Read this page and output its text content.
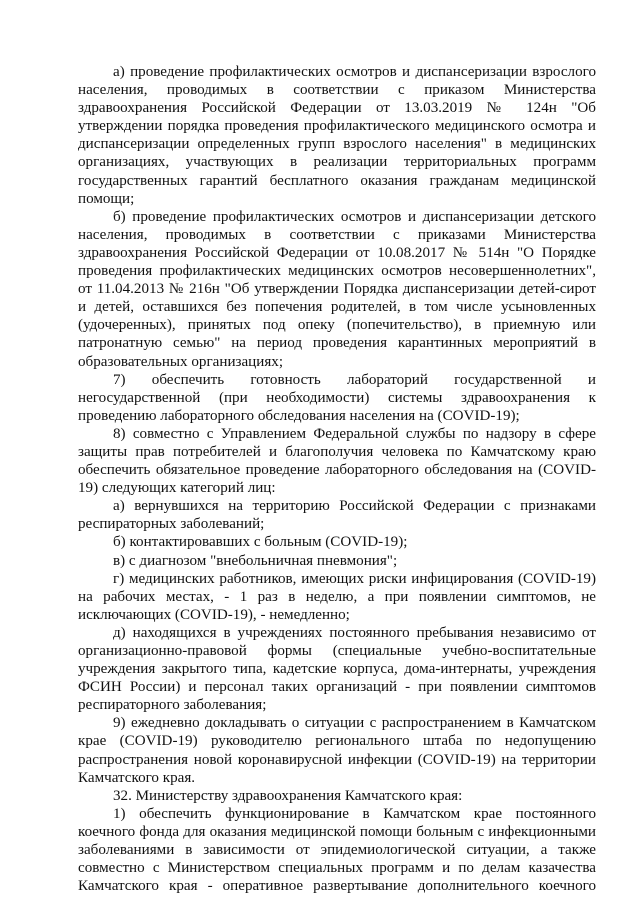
а) проведение профилактических осмотров и диспансеризации взрослого населения, проводимых в соответствии с приказом Министерства здравоохранения Российской Федерации от 13.03.2019 № 124н "Об утверждении порядка проведения профилактического медицинского осмотра и диспансеризации определенных групп взрослого населения" в медицинских организациях, участвующих в реализации территориальных программ государственных гарантий бесплатного оказания гражданам медицинской помощи;

б) проведение профилактических осмотров и диспансеризации детского населения, проводимых в соответствии с приказами Министерства здравоохранения Российской Федерации от 10.08.2017 № 514н "О Порядке проведения профилактических медицинских осмотров несовершеннолетних", от 11.04.2013 № 216н "Об утверждении Порядка диспансеризации детей-сирот и детей, оставшихся без попечения родителей, в том числе усыновленных (удочеренных), принятых под опеку (попечительство), в приемную или патронатную семью" на период проведения карантинных мероприятий в образовательных организациях;

7) обеспечить готовность лабораторий государственной и негосударственной (при необходимости) системы здравоохранения к проведению лабораторного обследования населения на (COVID-19);

8) совместно с Управлением Федеральной службы по надзору в сфере защиты прав потребителей и благополучия человека по Камчатскому краю обеспечить обязательное проведение лабораторного обследования на (COVID-19) следующих категорий лиц:

а) вернувшихся на территорию Российской Федерации с признаками респираторных заболеваний;

б) контактировавших с больным (COVID-19);

в) с диагнозом "внебольничная пневмония";

г) медицинских работников, имеющих риски инфицирования (COVID-19) на рабочих местах, - 1 раз в неделю, а при появлении симптомов, не исключающих (COVID-19), - немедленно;

д) находящихся в учреждениях постоянного пребывания независимо от организационно-правовой формы (специальные учебно-воспитательные учреждения закрытого типа, кадетские корпуса, дома-интернаты, учреждения ФСИН России) и персонал таких организаций - при появлении симптомов респираторного заболевания;

9) ежедневно докладывать о ситуации с распространением в Камчатском крае (COVID-19) руководителю регионального штаба по недопущению распространения новой коронавирусной инфекции (COVID-19) на территории Камчатского края.

32. Министерству здравоохранения Камчатского края:

1) обеспечить функционирование в Камчатском крае постоянного коечного фонда для оказания медицинской помощи больным с инфекционными заболеваниями в зависимости от эпидемиологической ситуации, а также совместно с Министерством специальных программ и по делам казачества Камчатского края - оперативное развертывание дополнительного коечного
